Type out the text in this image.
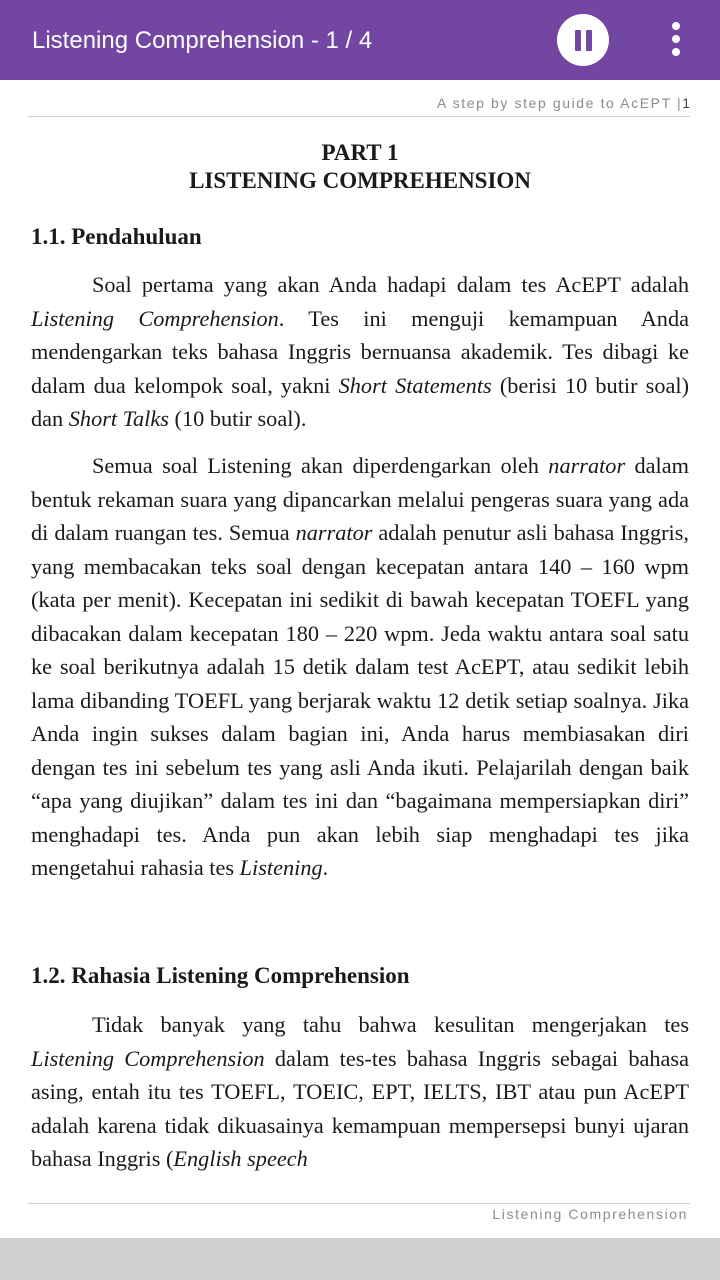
Listening Comprehension - 1 / 4
A step by step guide to AcEPT |1
PART 1
LISTENING COMPREHENSION
1.1. Pendahuluan

Soal pertama yang akan Anda hadapi dalam tes AcEPT adalah Listening Comprehension. Tes ini menguji kemampuan Anda mendengarkan teks bahasa Inggris bernuansa akademik. Tes dibagi ke dalam dua kelompok soal, yakni Short Statements (berisi 10 butir soal) dan Short Talks (10 butir soal).

Semua soal Listening akan diperdengarkan oleh narrator dalam bentuk rekaman suara yang dipancarkan melalui pengeras suara yang ada di dalam ruangan tes. Semua narrator adalah penutur asli bahasa Inggris, yang membacakan teks soal dengan kecepatan antara 140 – 160 wpm (kata per menit). Kecepatan ini sedikit di bawah kecepatan TOEFL yang dibacakan dalam kecepatan 180 – 220 wpm. Jeda waktu antara soal satu ke soal berikutnya adalah 15 detik dalam test AcEPT, atau sedikit lebih lama dibanding TOEFL yang berjarak waktu 12 detik setiap soalnya. Jika Anda ingin sukses dalam bagian ini, Anda harus membiasakan diri dengan tes ini sebelum tes yang asli Anda ikuti. Pelajarilah dengan baik “apa yang diujikan” dalam tes ini dan “bagaimana mempersiapkan diri” menghadapi tes. Anda pun akan lebih siap menghadapi tes jika mengetahui rahasia tes Listening.

1.2. Rahasia Listening Comprehension

Tidak banyak yang tahu bahwa kesulitan mengerjakan tes Listening Comprehension dalam tes-tes bahasa Inggris sebagai bahasa asing, entah itu tes TOEFL, TOEIC, EPT, IELTS, IBT atau pun AcEPT adalah karena tidak dikuasainya kemampuan mempersepsi bunyi ujaran bahasa Inggris (English speech

Listening Comprehension
